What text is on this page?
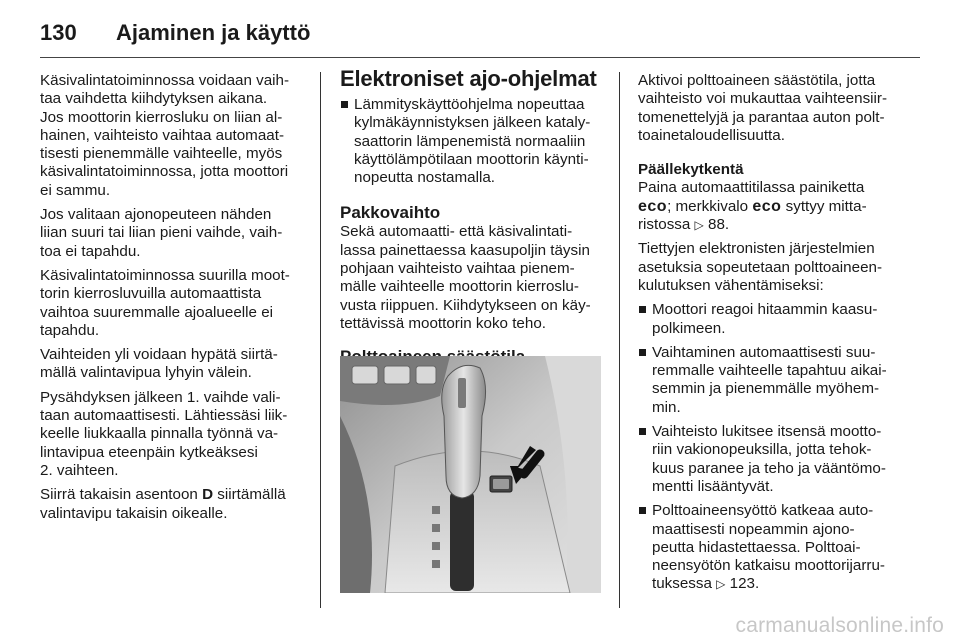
130 Ajaminen ja käyttö

Käsivalintatoiminnossa voidaan vaih-
taa vaihdetta kiihdytyksen aikana.
Jos moottorin kierrosluku on liian al-
hainen, vaihteisto vaihtaa automaat-
tisesti pienemmälle vaihteelle, myös
käsivalintatoiminnossa, jotta moottori
ei sammu.

Jos valitaan ajonopeuteen nähden
liian suuri tai liian pieni vaihde, vaih-
toa ei tapahdu.

Käsivalintatoiminnossa suurilla moot-
torin kierrosluvuilla automaattista
vaihtoa suuremmalle ajoalueelle ei
tapahdu.

Vaihteiden yli voidaan hypätä siirtä-
mällä valintavipua lyhyin välein.

Pysähdyksen jälkeen 1. vaihde vali-
taan automaattisesti. Lähtiessäsi liik-
keelle liukkaalla pinnalla työnnä va-
lintavipua eteenpäin kytkeäksesi
2. vaihteen.

Siirrä takaisin asentoon D siirtämällä
valintavipu takaisin oikealle.

Elektroniset ajo-ohjelmat

Lämmityskäyttöohjelma nopeuttaa
kylmäkäynnistyksen jälkeen kataly-
saattorin lämpenemistä normaaliin
käyttölämpötilaan moottorin käynti-
nopeutta nostamalla.

Pakkovaihto

Sekä automaatti- että käsivalintati-
lassa painettaessa kaasupoljin täysin
pohjaan vaihteisto vaihtaa pienem-
mälle vaihteelle moottorin kierroslu-
vusta riippuen. Kiihdytykseen on käy-
tettävissä moottorin koko teho.

Aktivoi polttoaineen säästötila, jotta
vaihteisto voi mukauttaa vaihteensiir-
tomenettelyjä ja parantaa auton polt-
toainetaloudellisuutta.

Päällekytkentä

Paina automaattitilassa painiketta
eco; merkkivalo eco syttyy mitta-
ristossa ▷ 88.

Tiettyjen elektronisten järjestelmien
asetuksia sopeutetaan polttoaineen-
kulutuksen vähentämiseksi:

Moottori reagoi hitaammin kaasu-
polkimeen.

Vaihtaminen automaattisesti suu-
remmalle vaihteelle tapahtuu aikai-
semmin ja pienemmälle myöhem-
min.

Vaihteisto lukitsee itsensä mootto-
riin vakionopeuksilla, jotta tehok-
kuus paranee ja teho ja vääntömo-
mentti lisääntyvät.

Polttoaineensyöttö katkeaa auto-
maattisesti nopeammin ajono-
peutta hidastettaessa. Polttoai-
neensyötön katkaisu moottorijarru-
tuksessa ▷ 123.

carmanualsonline.info
